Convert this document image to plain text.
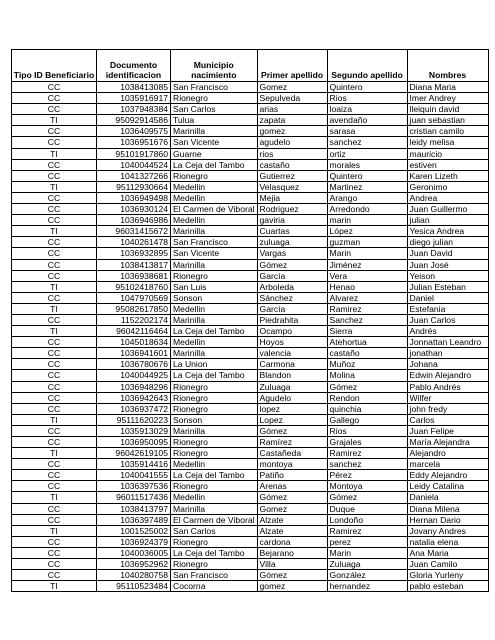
Tipo ID Beneficiario	Documento identificacion	Municipio nacimiento	Primer apellido	Segundo apellido	Nombres
CC	1038413085	San Francisco	Gomez	Quintero	Diana Maria
CC	1035916917	Rionegro	Sepulveda	Rios	Imer Andrey
CC	1037948384	San Carlos	arias	loaiza	lleiquin david
TI	95092914586	Tulua	zapata	avendaño	juan sebastian
CC	1036409575	Marinilla	gomez	sarasa	cristian camilo
CC	1036951676	San Vicente	agudelo	sanchez	leidy melisa
TI	95101917860	Guarne	rios	ortiz	mauricio
CC	1040044524	La Ceja del Tambo	castaño	morales	estiven
CC	1041327266	Rionegro	Gutierrez	Quintero	Karen Lizeth
TI	95112930664	Medellin	Velasquez	Martinez	Geronimo
CC	1036949498	Medellin	Mejia	Arango	Andrea
CC	1036930124	El Carmen de Viboral	Rodriguez	Arredondo	Juan Guillermo
CC	1036946986	Medellin	gaviria	marin	julian
TI	96031415672	Marinilla	Cuartas	López	Yesica Andrea
CC	1040261478	San Francisco	zuluaga	guzman	diego julian
CC	1036932895	San Vicente	Vargas	Marin	Juan David
CC	1038413817	Marinilla	Gómez	Jiménez	Juan José
CC	1036938681	Rionegro	García	Vera	Yeison
TI	95102418760	San Luis	Arboleda	Henao	Julian Esteban
CC	1047970569	Sonson	Sánchez	Alvarez	Daniel
TI	95082617850	Medellin	García	Ramirez	Estefania
CC	1152202174	Marinilla	Piedrahita	Sanchez	Juan Carlos
TI	96042116464	La Ceja del Tambo	Ocampo	Sierra	Andrés
CC	1045018634	Medellin	Hoyos	Atehortua	Jonnattan Leandro
CC	1036941601	Marinilla	valencia	castaño	jonathan
CC	1036780676	La Union	Carmona	Muñoz	Johana
CC	1040044925	La Ceja del Tambo	Blandon	Molina	Edwin Alejandro
CC	1036948296	Rionegro	Zuluaga	Gómez	Pablo Andrés
CC	1036942643	Rionegro	Agudelo	Rendon	Wilfer
CC	1036937472	Rionegro	lopez	quinchia	john fredy
TI	95111620223	Sonson	Lopez	Gallego	Carlos
CC	1035913029	Marinilla	Gómez	Rios	Juan Felipe
CC	1036950095	Rionegro	Ramírez	Grajales	María Alejandra
TI	96042619105	Rionegro	Castañeda	Ramirez	Alejandro
CC	1035914416	Medellin	montoya	sanchez	marcela
CC	1040041555	La Ceja del Tambo	Patiño	Pérez	Eddy Alejandro
CC	1036397536	Rionegro	Arenas	Montoya	Leidy Catalina
TI	96011517436	Medellin	Gómez	Gómez	Daniela
CC	1038413797	Marinilla	Gomez	Duque	Diana Milena
CC	1036397489	El Carmen de Viboral	Alzate	Londoño	Hernan Dario
TI	1001525002	San Carlos	Alzate	Ramirez	Jovany Andres
CC	1036924379	Rionegro	cardona	perez	natalia elena
CC	1040036005	La Ceja del Tambo	Bejarano	Marin	Ana Maria
CC	1036952962	Rionegro	Villa	Zuluaga	Juan Camilo
CC	1040280758	San Francisco	Gómez	González	Gloria Yurleny
TI	95110523484	Cocorna	gomez	hernandez	pablo esteban
